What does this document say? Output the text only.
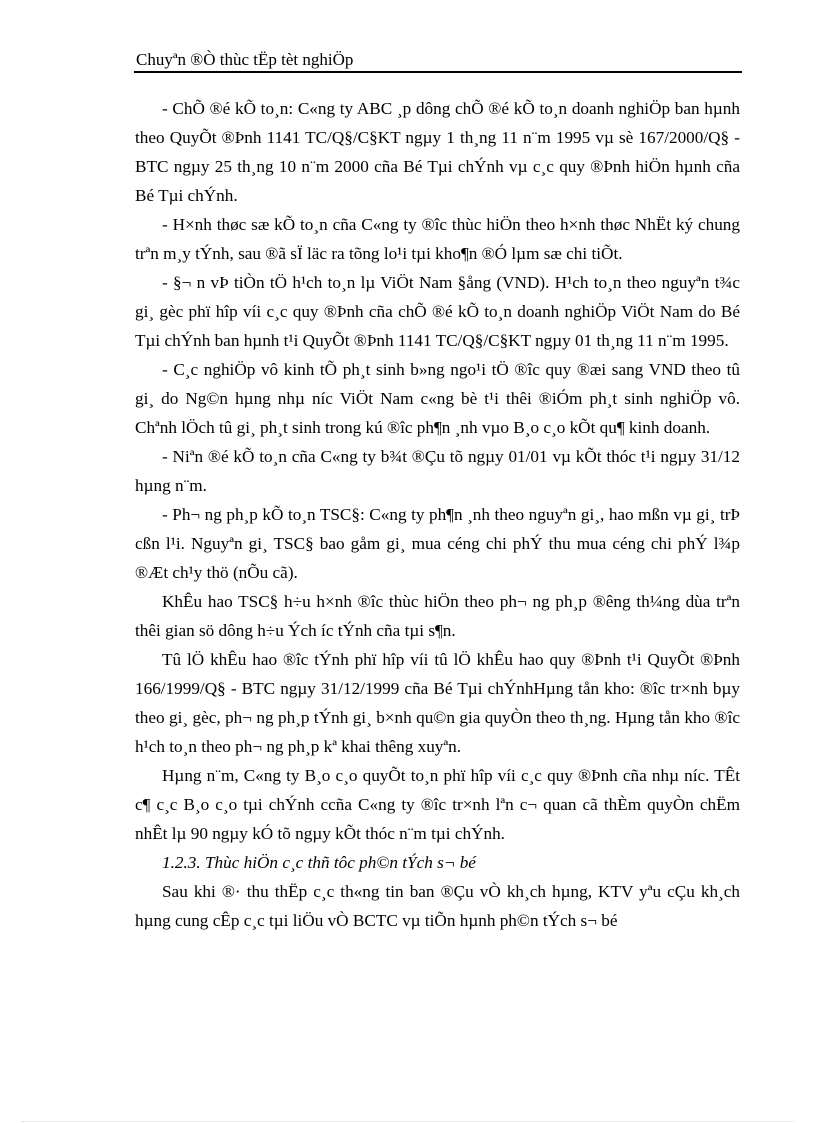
Chuyªn ®Ò thùc tËp tèt nghiÖp

- ChÕ ®é kÕ to¸n: C«ng ty ABC ¸p dông chÕ ®é kÕ to¸n doanh nghiÖp ban hµnh theo QuyÕt ®Þnh 1141 TC/Q§/C§KT ngµy 1 th¸ng 11 n¨m 1995 vµ sè 167/2000/Q§ - BTC ngµy 25 th¸ng 10 n¨m 2000 cña Bé Tµi chÝnh vµ c¸c quy ®Þnh hiÖn hµnh cña Bé Tµi chÝnh.

- H×nh thøc sæ kÕ to¸n cña C«ng ty ®îc thùc hiÖn theo h×nh thøc NhËt ký chung trªn m¸y tÝnh, sau ®ã sÏ läc ra tõng lo¹i tµi kho¶n ®Ó lµm sæ chi tiÕt.

- §¬ n vÞ tiÒn tÖ h¹ch to¸n lµ ViÖt Nam §ång (VND). H¹ch to¸n theo nguyªn t¾c gi¸ gèc phï hîp víi c¸c quy ®Þnh cña chÕ ®é kÕ to¸n doanh nghiÖp ViÖt Nam do Bé Tµi chÝnh ban hµnh t¹i QuyÕt ®Þnh 1141 TC/Q§/C§KT ngµy 01 th¸ng 11 n¨m 1995.

- C¸c nghiÖp vô kinh tÕ ph¸t sinh b»ng ngo¹i tÖ ®îc quy ®æi sang VND theo tû gi¸ do Ng©n hµng nhµ níc ViÖt Nam c«ng bè t¹i thêi ®iÓm ph¸t sinh nghiÖp vô. Chªnh lÖch tû gi¸ ph¸t sinh trong kú ®îc ph¶n ¸nh vµo B¸o c¸o kÕt qu¶ kinh doanh.

- Niªn ®é kÕ to¸n cña C«ng ty b¾t ®Çu tõ ngµy 01/01 vµ kÕt thóc t¹i ngµy 31/12 hµng n¨m.

- Ph¬ ng ph¸p kÕ to¸n TSC§: C«ng ty ph¶n ¸nh theo nguyªn gi¸, hao mßn vµ gi¸ trÞ cßn l¹i. Nguyªn gi¸ TSC§ bao gåm gi¸ mua céng chi phÝ thu mua céng chi phÝ l¾p ®Æt ch¹y thö (nÕu cã).

KhÊu hao TSC§ h÷u h×nh ®îc thùc hiÖn theo ph¬ ng ph¸p ®êng th¼ng dùa trªn thêi gian sö dông h÷u Ých íc tÝnh cña tµi s¶n.

Tû lÖ khÊu hao ®îc tÝnh phï hîp víi tû lÖ khÊu hao quy ®Þnh t¹i QuyÕt ®Þnh 166/1999/Q§ - BTC ngµy 31/12/1999 cña Bé Tµi chÝnhHµng tån kho: ®îc tr×nh bµy theo gi¸ gèc, ph¬ ng ph¸p tÝnh gi¸ b×nh qu©n gia quyÒn theo th¸ng. Hµng tån kho ®îc h¹ch to¸n theo ph¬ ng ph¸p kª khai thêng xuyªn.

Hµng n¨m, C«ng ty B¸o c¸o quyÕt to¸n phï hîp víi c¸c quy ®Þnh cña nhµ níc. TÊt c¶ c¸c B¸o c¸o tµi chÝnh ccña C«ng ty ®îc tr×nh lªn c¬ quan cã thÈm quyÒn chËm nhÊt lµ 90 ngµy kÓ tõ ngµy kÕt thóc n¨m tµi chÝnh.

1.2.3. Thùc hiÖn c¸c thñ tôc ph©n tÝch s¬ bé

Sau khi ®· thu thËp c¸c th«ng tin ban ®Çu vÒ kh¸ch hµng, KTV yªu cÇu kh¸ch hµng cung cÊp c¸c tµi liÖu vÒ BCTC vµ tiÕn hµnh ph©n tÝch s¬ bé
